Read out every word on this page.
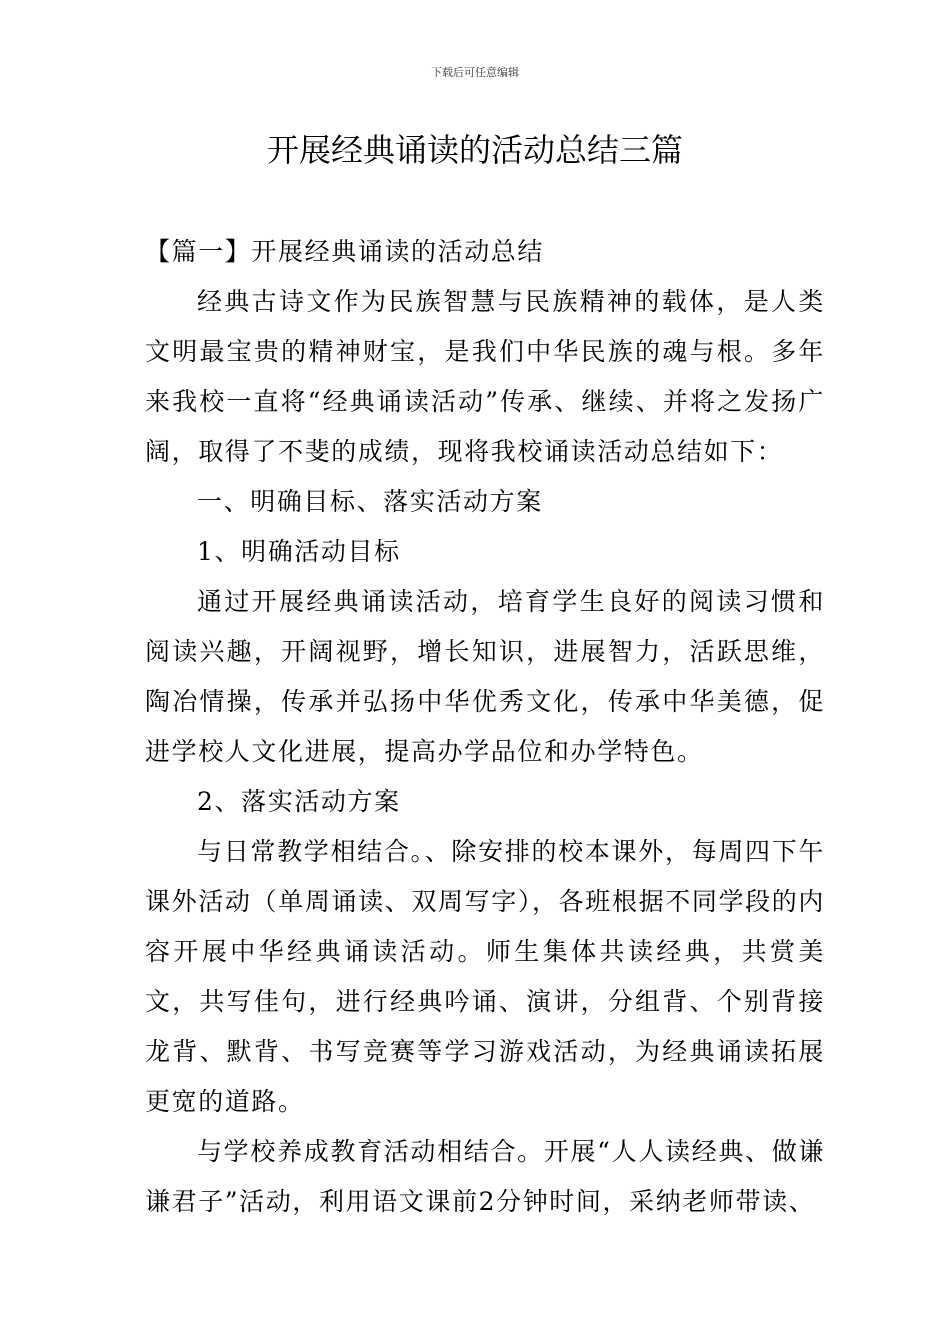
下载后可任意编辑
开展经典诵读的活动总结三篇

【篇一】开展经典诵读的活动总结

经典古诗文作为民族智慧与民族精神的载体，是人类文明最宝贵的精神财宝，是我们中华民族的魂与根。多年来我校一直将“经典诵读活动”传承、继续、并将之发扬广阔，取得了不斐的成绩，现将我校诵读活动总结如下：

一、明确目标、落实活动方案

1、明确活动目标

通过开展经典诵读活动，培育学生良好的阅读习惯和阅读兴趣，开阔视野，增长知识，进展智力，活跃思维，陶冶情操，传承并弘扬中华优秀文化，传承中华美德，促进学校人文化进展，提高办学品位和办学特色。

2、落实活动方案

与日常教学相结合。、除安排的校本课外，每周四下午课外活动（单周诵读、双周写字），各班根据不同学段的内容开展中华经典诵读活动。师生集体共读经典，共赏美文，共写佳句，进行经典吟诵、演讲，分组背、个别背接龙背、默背、书写竞赛等学习游戏活动，为经典诵读拓展更宽的道路。

与学校养成教育活动相结合。开展“人人读经典、做谦谦君子”活动，利用语文课前2分钟时间，采纳老师带读、
